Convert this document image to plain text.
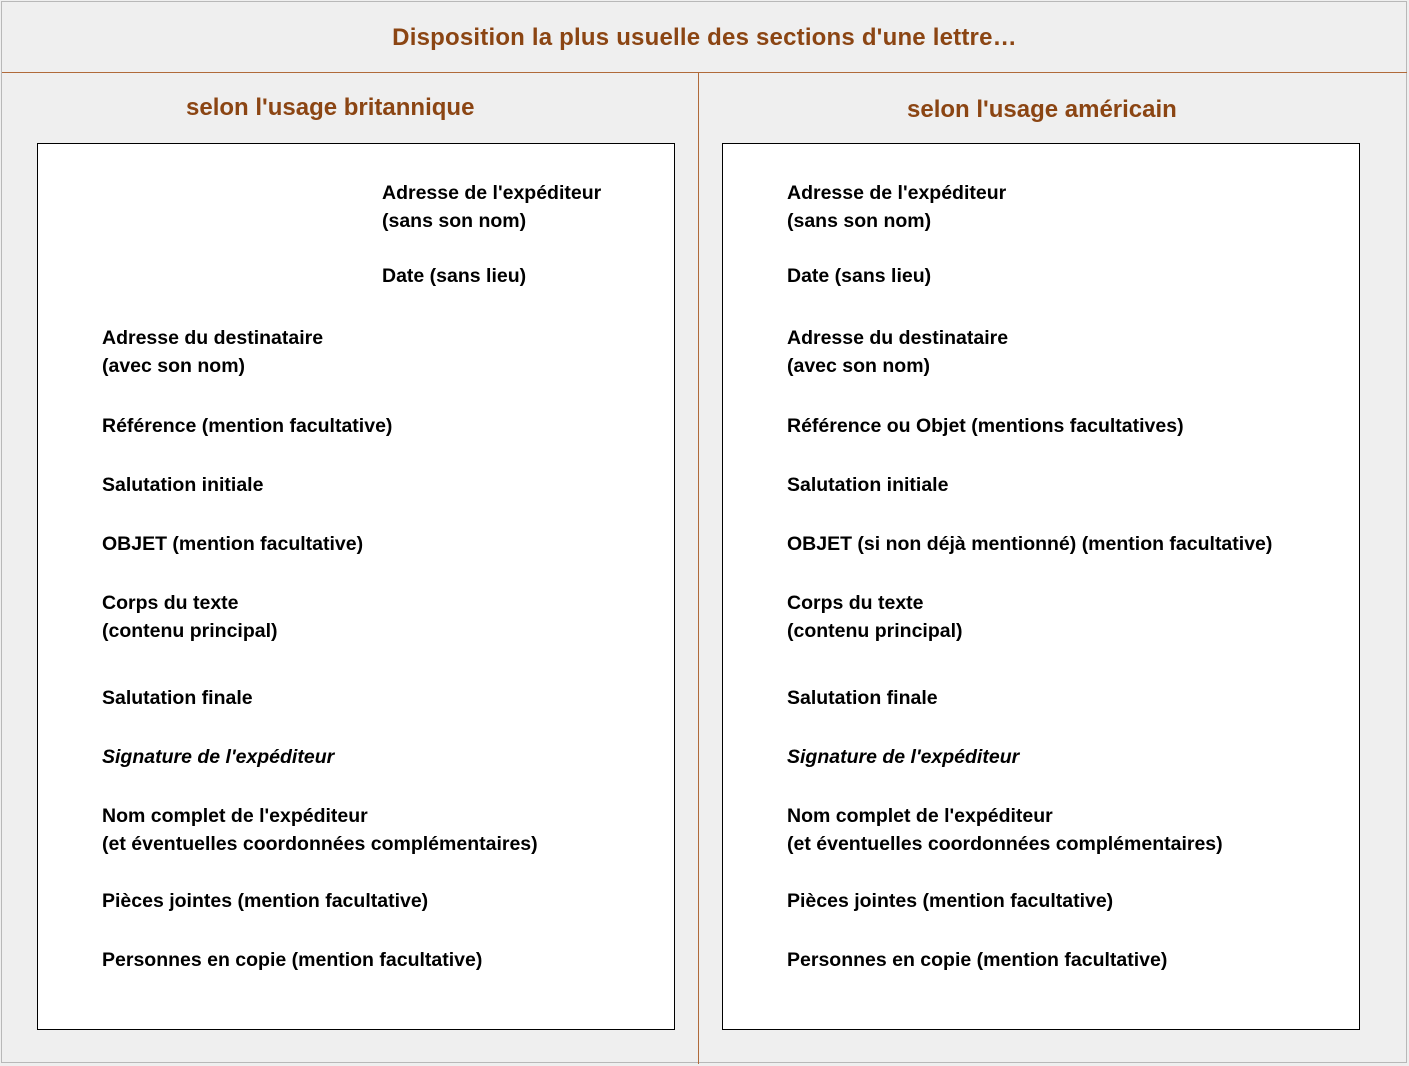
Disposition la plus usuelle des sections d'une lettre…
selon l'usage britannique
Adresse de l'expéditeur
(sans son nom)
Date (sans lieu)
Adresse du destinataire
(avec son nom)
Référence (mention facultative)
Salutation initiale
OBJET (mention facultative)
Corps du texte
(contenu principal)
Salutation finale
Signature de l'expéditeur
Nom complet de l'expéditeur
(et éventuelles coordonnées complémentaires)
Pièces jointes (mention facultative)
Personnes en copie (mention facultative)
selon l'usage américain
Adresse de l'expéditeur
(sans son nom)
Date (sans lieu)
Adresse du destinataire
(avec son nom)
Référence ou Objet (mentions facultatives)
Salutation initiale
OBJET (si non déjà mentionné) (mention facultative)
Corps du texte
(contenu principal)
Salutation finale
Signature de l'expéditeur
Nom complet de l'expéditeur
(et éventuelles coordonnées complémentaires)
Pièces jointes (mention facultative)
Personnes en copie (mention facultative)
